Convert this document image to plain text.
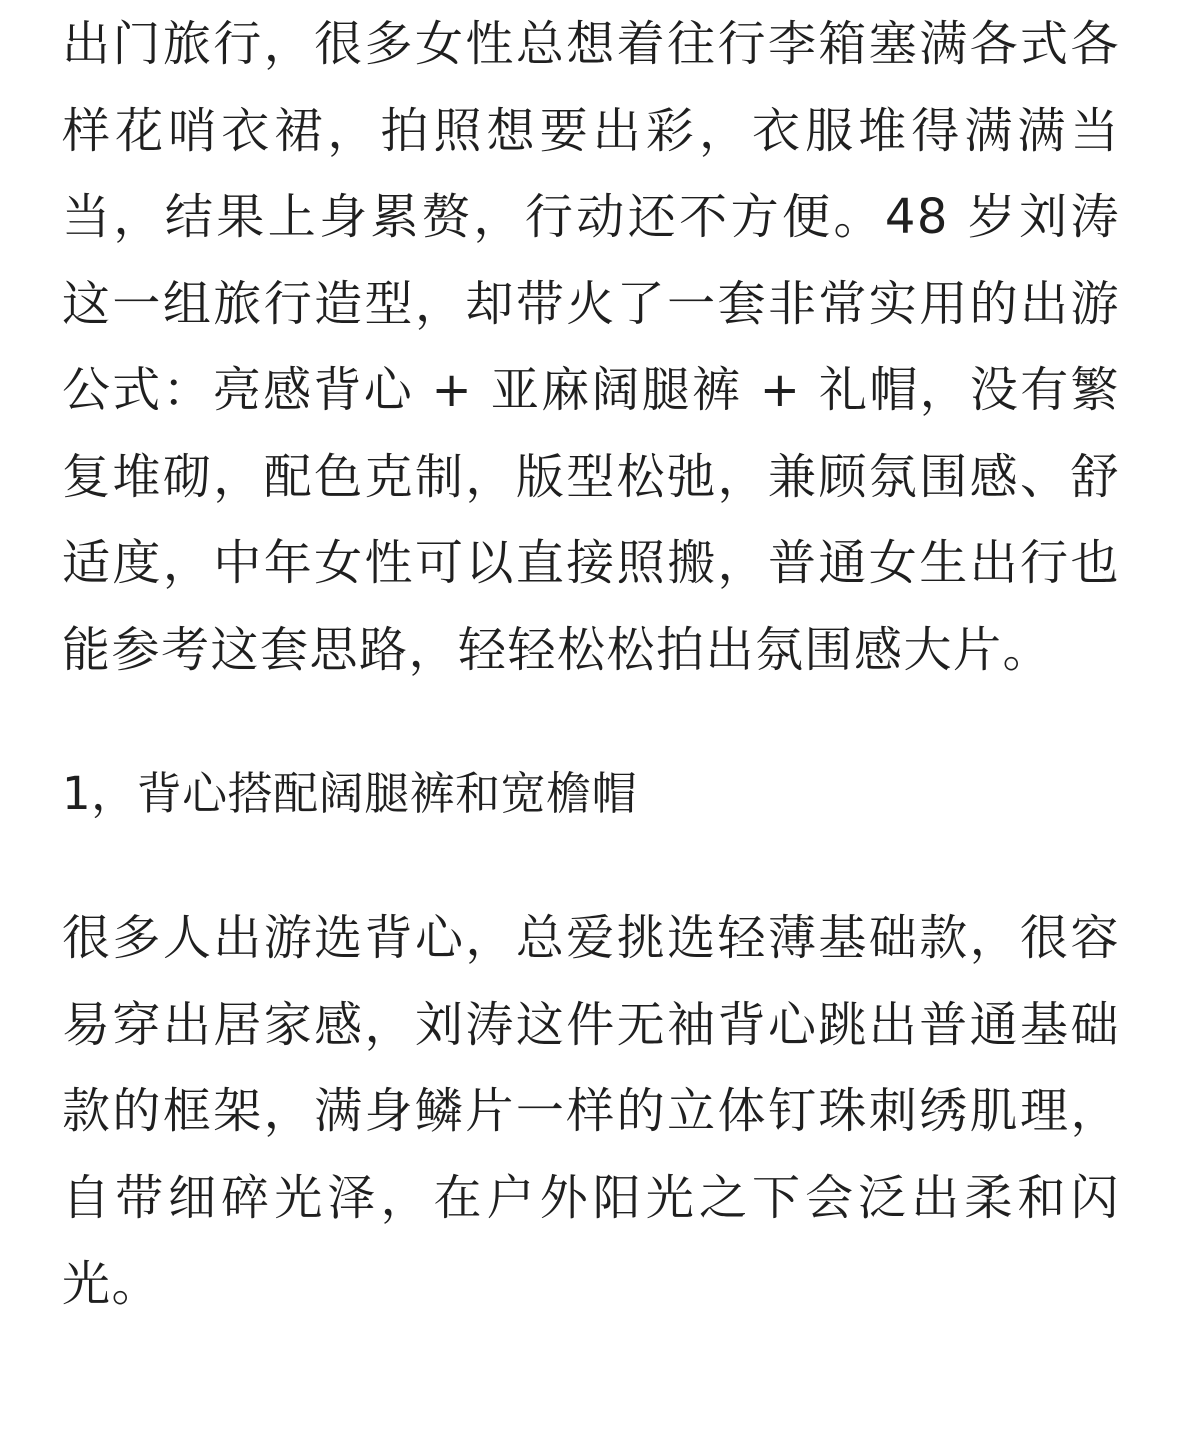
出门旅行，很多女性总想着往行李箱塞满各式各样花哨衣裙，拍照想要出彩，衣服堆得满满当当，结果上身累赘，行动还不方便。48 岁刘涛这一组旅行造型，却带火了一套非常实用的出游公式：亮感背心 + 亚麻阔腿裤 + 礼帽，没有繁复堆砌，配色克制，版型松弛，兼顾氛围感、舒适度，中年女性可以直接照搬，普通女生出行也能参考这套思路，轻轻松松拍出氛围感大片。

1，背心搭配阔腿裤和宽檐帽

很多人出游选背心，总爱挑选轻薄基础款，很容易穿出居家感，刘涛这件无袖背心跳出普通基础款的框架，满身鳞片一样的立体钉珠刺绣肌理，自带细碎光泽，在户外阳光之下会泛出柔和闪光。
